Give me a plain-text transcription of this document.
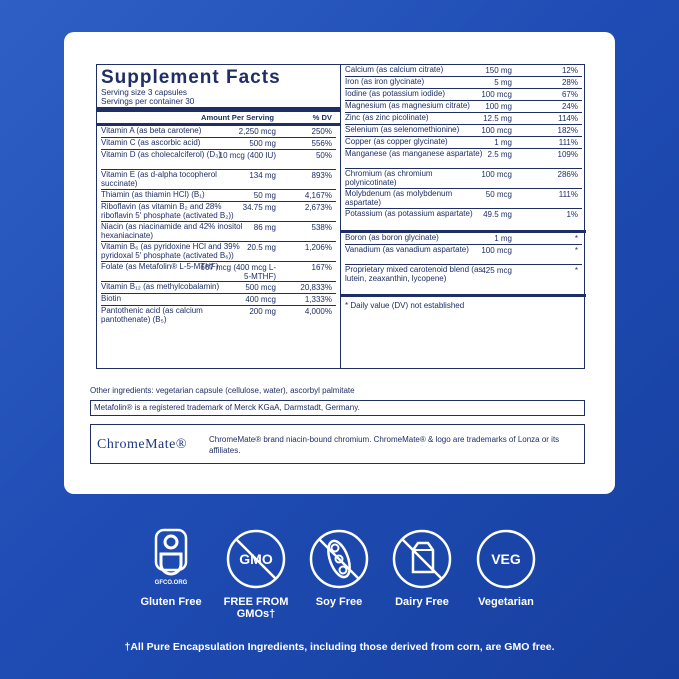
Supplement Facts
Serving size 3 capsules
Servings per container 30
Amount Per Serving	% DV
Vitamin A (as beta carotene)	2,250 mcg	250%
Vitamin C (as ascorbic acid)	500 mg	556%
Vitamin D (as cholecalciferol) (D₃)
10 mcg (400 IU)	50%
Vitamin E (as d-alpha tocopherol succinate)
134 mg	893%
Thiamin (as thiamin HCl) (B₁)	50 mg	4,167%
Riboflavin (as vitamin B₂ and 28% riboflavin 5′ phosphate (activated B₂))
34.75 mg	2,673%
Niacin (as niacinamide and 42% inositol hexaniacinate)
86 mg	538%
Vitamin B₆ (as pyridoxine HCl and 39% pyridoxal 5′ phosphate (activated B₆))
20.5 mg	1,206%
Folate (as Metafolin® L-5-MTHF)
667 mcg (400 mcg L-5-MTHF)
167%
Vitamin B₁₂ (as methylcobalamin)	500 mcg	20,833%
Biotin	400 mcg	1,333%
Pantothenic acid (as calcium pantothenate) (B₅)
200 mg	4,000%
Calcium (as calcium citrate)	150 mg	12%
Iron (as iron glycinate)	5 mg	28%
Iodine (as potassium iodide)	100 mcg	67%
Magnesium (as magnesium citrate)	100 mg	24%
Zinc (as zinc picolinate)	12.5 mg	114%
Selenium (as selenomethionine)	100 mcg	182%
Copper (as copper glycinate)	1 mg	111%
Manganese (as manganese aspartate) 2.5 mg	109%
Chromium (as chromium polynicotinate)
100 mcg	286%
Molybdenum (as molybdenum aspartate)
50 mcg	111%
Potassium (as potassium aspartate)	49.5 mg	1%
Boron (as boron glycinate)	1 mg	*
Vanadium (as vanadium aspartate)	100 mcg	*
Proprietary mixed carotenoid blend (as lutein, zeaxanthin, lycopene)
425 mcg	*
* Daily value (DV) not established
Other ingredients: vegetarian capsule (cellulose, water), ascorbyl palmitate
Metafolin® is a registered trademark of Merck KGaA, Darmstadt, Germany.
ChromeMate®	ChromeMate® brand niacin-bound chromium. ChromeMate® & logo are trademarks of Lonza or its affiliates.
GFCO.ORG
Gluten Free
GMO
FREE FROM GMOs†
Soy Free	Dairy Free
VEG
Vegetarian
†All Pure Encapsulation Ingredients, including those derived from corn, are GMO free.
